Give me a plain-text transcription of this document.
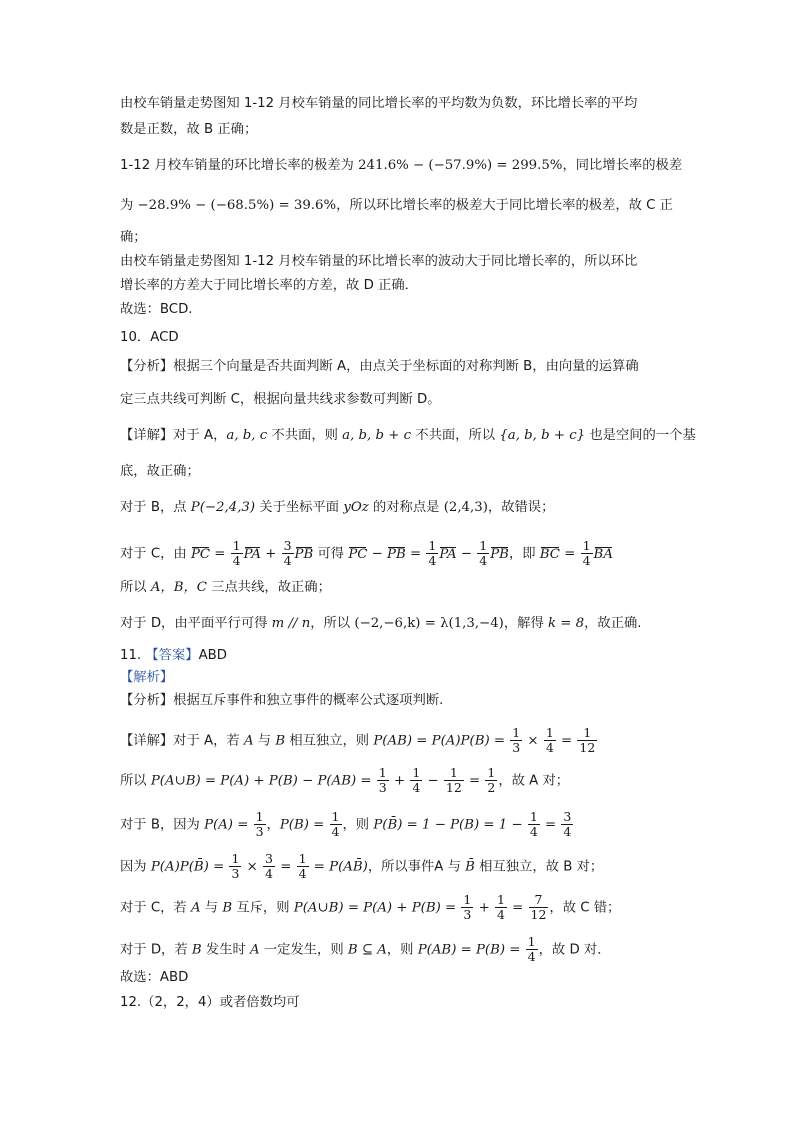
由校车销量走势图知 1-12 月校车销量的同比增长率的平均数为负数，环比增长率的平均
数是正数，故 B 正确；
1-12 月校车销量的环比增长率的极差为 241.6% − (−57.9%) = 299.5%，同比增长率的极差
为 −28.9% − (−68.5%) = 39.6%，所以环比增长率的极差大于同比增长率的极差，故 C 正
确；
由校车销量走势图知 1-12 月校车销量的环比增长率的波动大于同比增长率的，所以环比
增长率的方差大于同比增长率的方差，故 D 正确．
故选：BCD.
10．ACD
【分析】根据三个向量是否共面判断 A，由点关于坐标面的对称判断 B，由向量的运算确
定三点共线可判断 C，根据向量共线求参数可判断 D。
【详解】对于 A，a, b, c 不共面，则 a, b, b + c 不共面，所以 {a, b, b + c} 也是空间的一个基
底，故正确；
对于 B，点 P(−2,4,3) 关于坐标平面 yOz 的对称点是 (2,4,3)，故错误；
对于 C，由 PC = $\frac{1}{4}$ PA + $\frac{3}{4}$ PB 可得 PC − PB = $\frac{1}{4}$ PA − $\frac{1}{4}$ PB，即 BC = $\frac{1}{4}$ BA
所以 A，B，C 三点共线，故正确；
对于 D，由平面平行可得 m // n，所以 (−2,−6,k) = λ(1,3,−4)，解得 k = 8，故正确.
11. 【答案】ABD
【解析】
【分析】根据互斥事件和独立事件的概率公式逐项判断.
【详解】对于 A，若 A 与 B 相互独立，则 $P(AB) = P(A)P(B) = \frac{1}{3} \times \frac{1}{4} = \frac{1}{12}$
所以 P(A∪B) = $P(A) + P(B) - P(AB) = \frac{1}{3} + \frac{1}{4} - \frac{1}{12} = \frac{1}{2}$ ，故 A 对；
对于 B，因为 $P(A) = \frac{1}{3}$ ，$P(B) = \frac{1}{4}$ ，则 P(B̄) = $1 - P(B) = 1 - \frac{1}{4} = \frac{3}{4}$
因为 P(A)P(B̄) = $\frac{1}{3} \times \frac{3}{4} = \frac{1}{4}$ = P(AB̄)，所以事件A 与 B̄ 相互独立，故 B 对；
对于 C，若 A 与 B 互斥，则 P(A∪B) = $P(A) + P(B) = \frac{1}{3} + \frac{1}{4} = \frac{7}{12}$ ，故 C 错；
对于 D，若 B 发生时 A 一定发生，则 B ⊆ A，则 $P(AB) = P(B) = \frac{1}{4}$ ，故 D 对．
故选：ABD
12.（2，2，4）或者倍数均可
